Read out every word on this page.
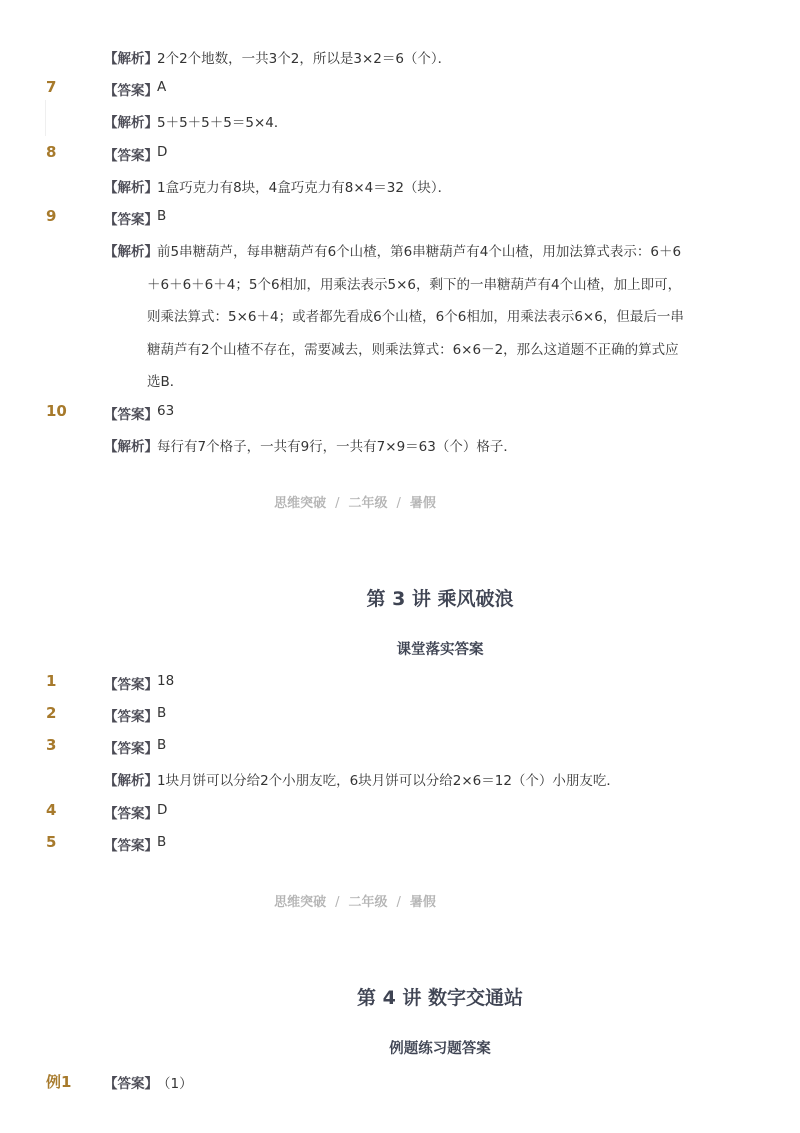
【解析】 2个2个地数，一共3个2，所以是3×2＝6（个）．
7	【答案】 A
【解析】 5＋5＋5＋5＝5×4．
8	【答案】 D
【解析】 1盒巧克力有8块，4盒巧克力有8×4＝32（块）．
9	【答案】 B
【解析】 前5串糖葫芦，每串糖葫芦有6个山楂，第6串糖葫芦有4个山楂，用加法算式表示：6＋6
＋6＋6＋6＋4；5个6相加，用乘法表示5×6，剩下的一串糖葫芦有4个山楂，加上即可，
则乘法算式：5×6＋4；或者都先看成6个山楂，6个6相加，用乘法表示6×6，但最后一串
糖葫芦有2个山楂不存在，需要减去，则乘法算式：6×6－2，那么这道题不正确的算式应
选B．
10	【答案】 63
【解析】 每行有7个格子，一共有9行，一共有7×9＝63（个）格子．
思维突破 / 二年级 / 暑假
第 3 讲 乘风破浪
课堂落实答案
1	【答案】 18
2	【答案】 B
3	【答案】 B
【解析】 1块月饼可以分给2个小朋友吃，6块月饼可以分给2×6＝12（个）小朋友吃．
4	【答案】 D
5	【答案】 B
思维突破 / 二年级 / 暑假
第 4 讲 数字交通站
例题练习题答案
例1 【答案】 （1）
